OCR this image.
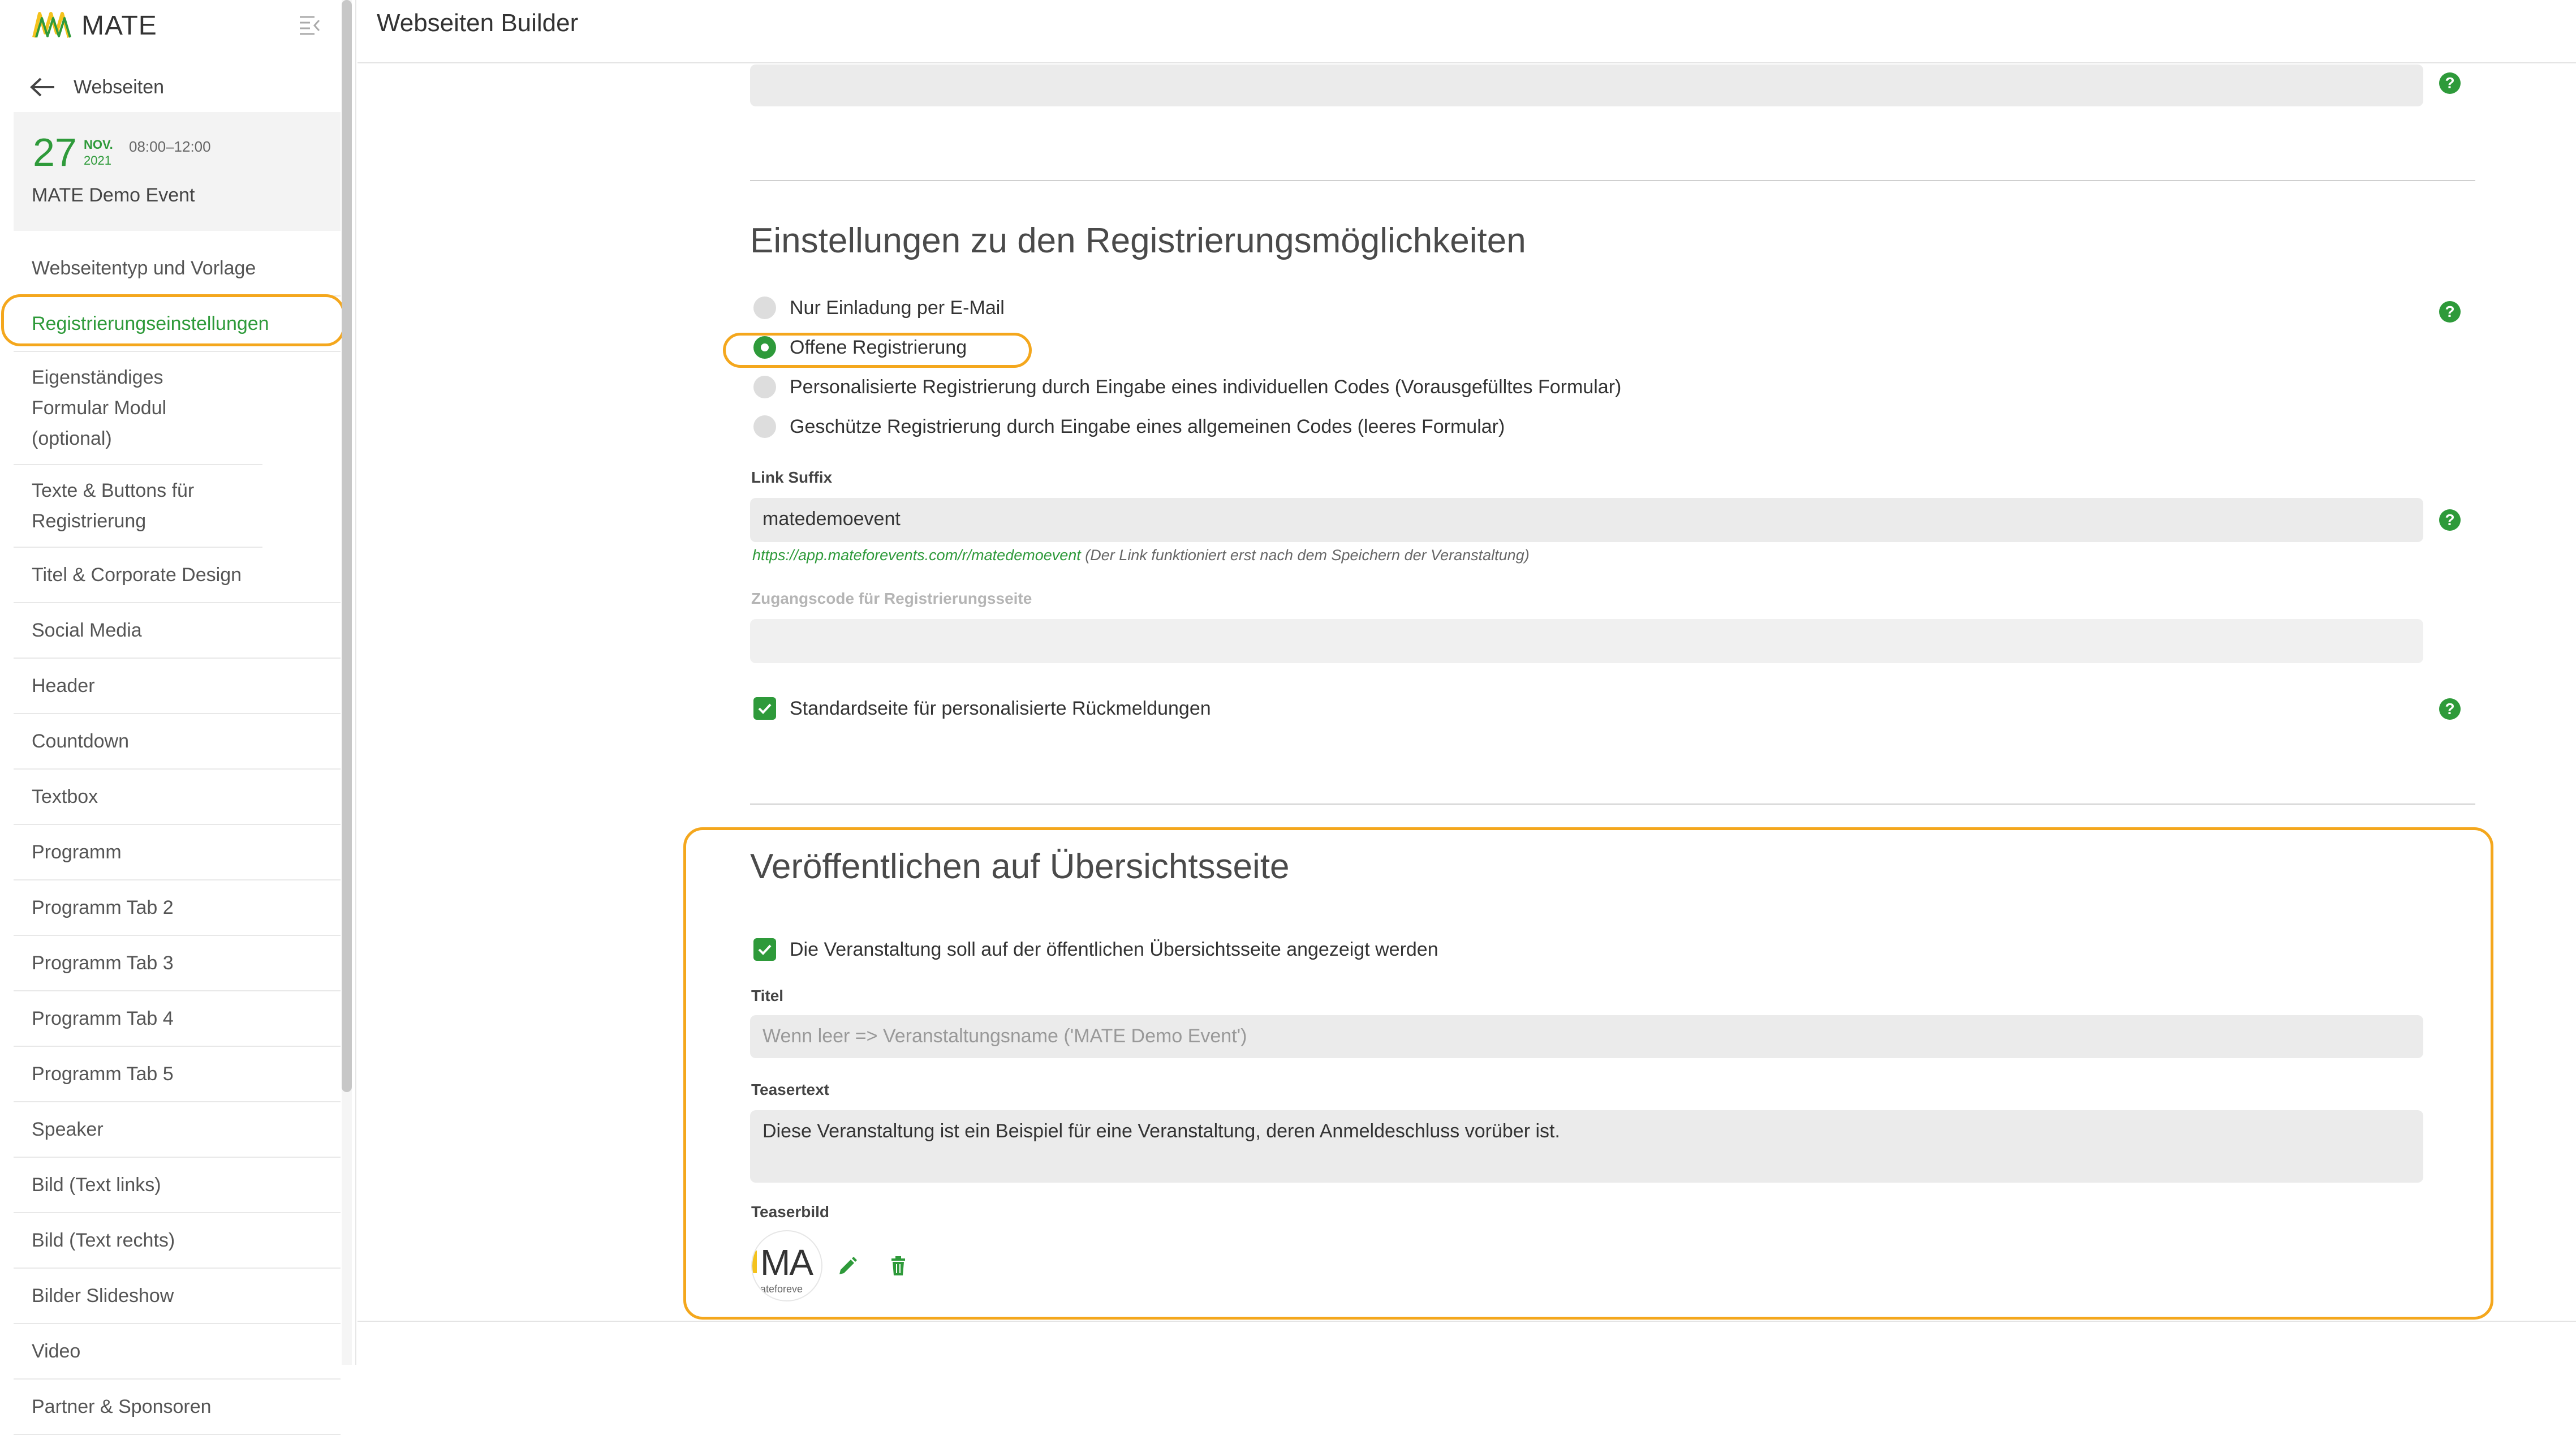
MATE
Webseiten
27 NOV.
2021
08:00–12:00
MATE Demo Event
Webseitentyp und Vorlage
Registrierungseinstellungen
Eigenständiges Formular Modul (optional)
Texte & Buttons für Registrierung
Titel & Corporate Design
Social Media
Header
Countdown
Textbox
Programm
Programm Tab 2
Programm Tab 3
Programm Tab 4
Programm Tab 5
Speaker
Bild (Text links)
Bild (Text rechts)
Bilder Slideshow
Video
Partner & Sponsoren
Webseiten Builder
?
Einstellungen zu den Registrierungsmöglichkeiten
Nur Einladung per E-Mail	?
Offene Registrierung
Personalisierte Registrierung durch Eingabe eines individuellen Codes (Vorausgefülltes Formular)
Geschütze Registrierung durch Eingabe eines allgemeinen Codes (leeres Formular)
Link Suffix
matedemoevent	?
https://app.mateforevents.com/r/matedemoevent (Der Link funktioniert erst nach dem Speichern der Veranstaltung)
Zugangscode für Registrierungsseite
Standardseite für personalisierte Rückmeldungen	?
Veröffentlichen auf Übersichtsseite
Die Veranstaltung soll auf der öffentlichen Übersichtsseite angezeigt werden
Titel
Wenn leer => Veranstaltungsname ('MATE Demo Event')
Teasertext
Diese Veranstaltung ist ein Beispiel für eine Veranstaltung, deren Anmeldeschluss vorüber ist.
Teaserbild
MA
ateforeve
